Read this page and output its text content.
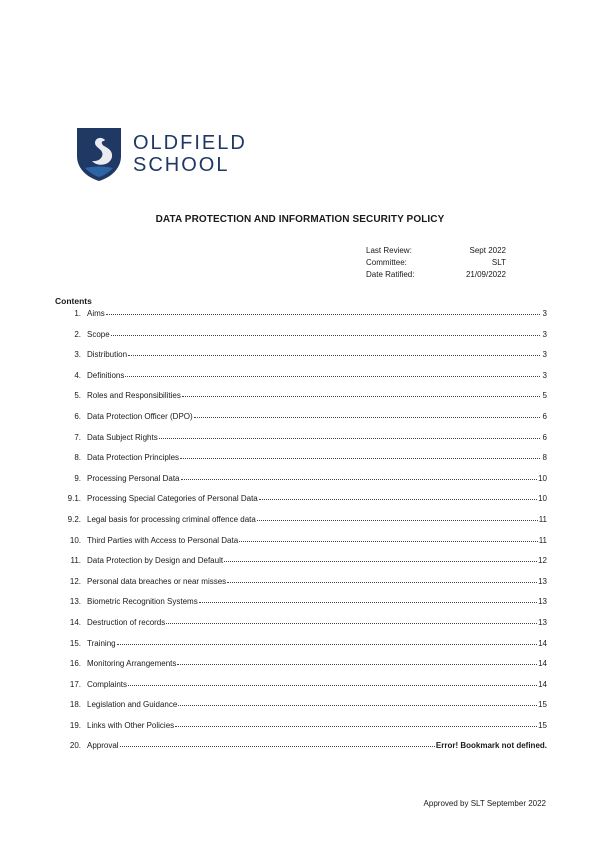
OLDFIELD
SCHOOL
DATA PROTECTION AND INFORMATION SECURITY POLICY
Last Review:	Sept 2022
Committee:	SLT
Date Ratified:	21/09/2022
Contents
1. Aims	3
2. Scope	3
3. Distribution	3
4. Definitions	3
5. Roles and Responsibilities	5
6. Data Protection Officer (DPO)	6
7. Data Subject Rights	6
8. Data Protection Principles	8
9. Processing Personal Data	10
9.1. Processing Special Categories of Personal Data	10
9.2. Legal basis for processing criminal offence data	11
10. Third Parties with Access to Personal Data	11
11. Data Protection by Design and Default	12
12. Personal data breaches or near misses	13
13. Biometric Recognition Systems	13
14. Destruction of records	13
15. Training	14
16. Monitoring Arrangements	14
17. Complaints	14
18. Legislation and Guidance	15
19. Links with Other Policies	15
20. Approval	Error! Bookmark not defined.
Approved by SLT September 2022
